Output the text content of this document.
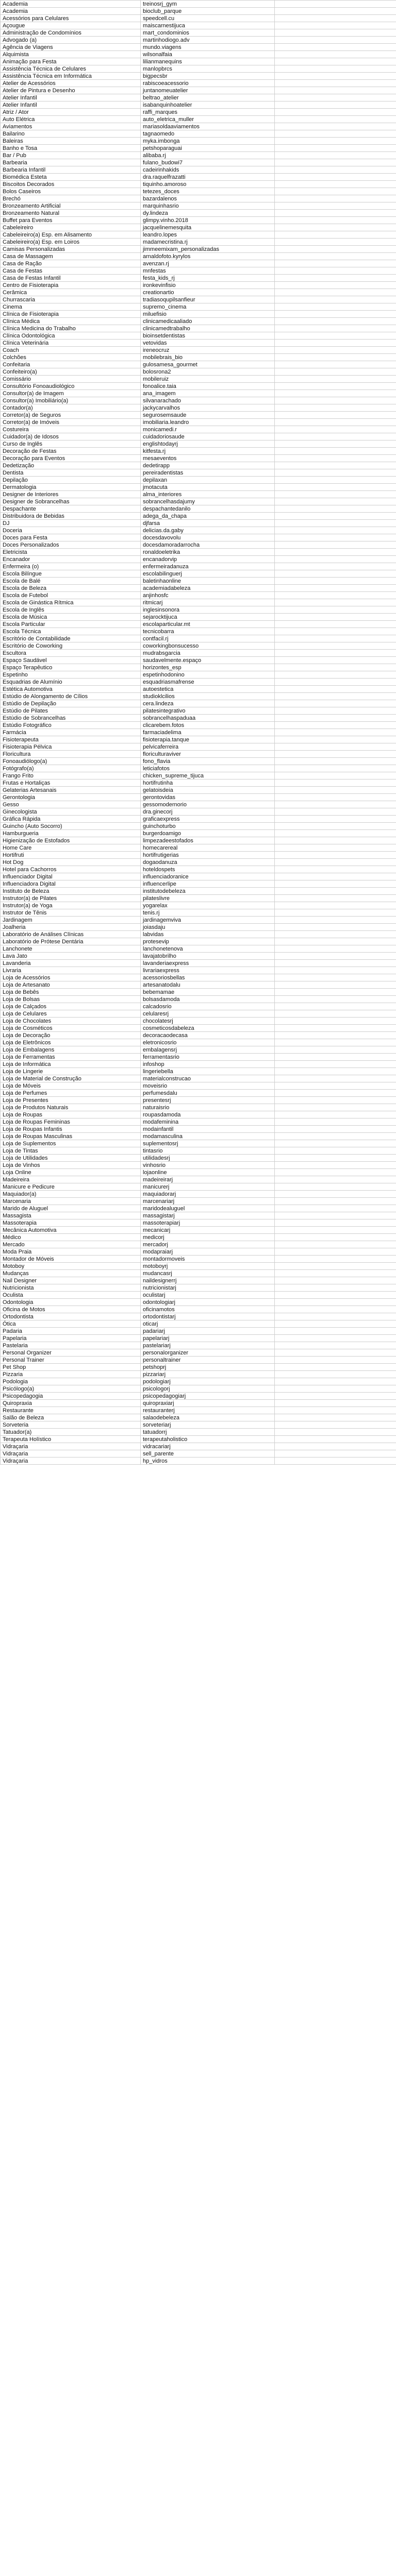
Academia	treinosrj_gym	
Academia	bioclub_parque	
Acessórios para Celulares	speedcell.cu	
Açougue	maiscarnestijuca	
Administração de Condomínios	mart_condominios	
Advogado (a)	martinhodiogo.adv	
Agência de Viagens	mundo.viagens	
Alquimista	wilsonalfaia	
Animação para Festa	lilianmanequins	
Assistência Técnica de Celulares	manlopbrcs	
Assistência Técnica em Informática	bigpecsbr	
Atelier de Acessórios	rabiscoeacessorio	
Atelier de Pintura e Desenho	juntanomeuatelier	
Atelier Infantil	beltrao_atelier	
Atelier Infantil	isabanquinhoatelier	
Atriz / Ator	raffi_marques	
Auto Elétrica	auto_eletrica_muller	
Aviamentos	mariasoldaaviamentos	
Bailarino	tagnaomedo	
Baleiras	myka.imbonga	
Banho e Tosa	petshoparaguai	
Bar / Pub	alibaba.rj	
Barbearia	fulano_budowi7	
Barbearia Infantil	cadeirinhakids	
Biomédica Esteta	dra.raquelfrazatti	
Biscoitos Decorados	tiquinho.amoroso	
Bolos Caseiros	tetezes_doces	
Brechó	bazardalenos	
Bronzeamento Artificial	marquinhasrio	
Bronzeamento Natural	dy.lindeza	
Buffet para Eventos	glimpy.vinho.2018	
Cabeleireiro	jacquelinemesquita	
Cabeleireiro(a) Esp. em Alisamento	leandro.lopes	
Cabeleireiro(a) Esp. em Loiros	madamecristina.rj	
Camisas Personalizadas	jimmeemixam_personalizadas	
Casa de Massagem	arnaldofoto.kyrylos	
Casa de Ração	avenzan.rj	
Casa de Festas	mnfestas	
Casa de Festas Infantil	festa_kids_rj	
Centro de Fisioterapia	ironkevinfisio	
Cerâmica	creationartio	
Churrascaria	tradiasoqupilsanfieur	
Cinema	supremo_cinema	
Clínica de Fisioterapia	miluefisio	
Clínica Médica	clinicamedicaaliado	
Clínica Medicina do Trabalho	clinicamedtrabalho	
Clínica Odontológica	bioinsetdentistas	
Clínica Veterinária	vetovidas	
Coach	ireneocruz	
Colchões	mobilebrais_bio	
Confeitaria	gulosamesa_gourmet	
Confeiteiro(a)	bolosrona2	
Comissário	mobileruiz	
Consultório Fonoaudiológico	fonoalice.taia	
Consultor(a) de Imagem	ana_imagem	
Consultor(a) Imobiliário(a)	silvanarachado	
Contador(a)	jackycarvalhos	
Corretor(a) de Seguros	segurosemsaude	
Corretor(a) de Imóveis	imobiliaria.leandro	
Costureira	monicamedi.r	
Cuidador(a) de Idosos	cuidadoriosaude	
Curso de Inglês	englishtodayrj	
Decoração de Festas	kitfesta.rj	
Decoração para Eventos	mesaeventos	
Dedetização	dedetirapp	
Dentista	pereiradentistas	
Depilação	depilaxan	
Dermatologia	jmotacuta	
Designer de Interiores	alma_interiores	
Designer de Sobrancelhas	sobrancelhasdajumy	
Despachante	despachantedanilo	
Distribuidora de Bebidas	adega_da_chapa	
DJ	djfarsa	
Doceria	delicias.da.gaby	
Doces para Festa	docesdavovolu	
Doces Personalizados	docesdamoradarrocha	
Eletricista	ronaldoeletrika	
Encanador	encanadorvip	
Enfermeira (o)	enfermeiradanuza	
Escola Bilíngue	escolabilinguerj	
Escola de Balé	baletinhaonline	
Escola de Beleza	academiadabeleza	
Escola de Futebol	anjinhosfc	
Escola de Ginástica Rítmica	ritmicarj	
Escola de Inglês	inglesinsonora	
Escola de Música	sejarocktijuca	
Escola Particular	escolaparticular.mt	
Escola Técnica	tecnicobarra	
Escritório de Contabilidade	contfacil.rj	
Escritório de Coworking	coworkingbonsucesso	
Escultora	mudrabsgarcia	
Espaço Saudável	saudavelmente.espaço	
Espaço Terapêutico	horizontes_esp	
Espetinho	espetinhodonino	
Esquadrias de Alumínio	esquadriasmafrense	
Estética Automotiva	autoestetica	
Estúdio de Alongamento de Cílios	studioklcilios	
Estúdio de Depilação	cera.lindeza	
Estúdio de Pilates	pilatesintegrativo	
Estúdio de Sobrancelhas	sobrancelhaspaduaa	
Estúdio Fotográfico	clicarebem.fotos	
Farmácia	farmaciadelima	
Fisioterapeuta	fisioterapia.tanque	
Fisioterapia Pélvica	pelvicaferreira	
Floricultura	floriculturaviver	
Fonoaudiólogo(a)	fono_flavia	
Fotógrafo(a)	leticiafotos	
Frango Frito	chicken_supreme_tijuca	
Frutas e Hortaliças	hortifrutinha	
Gelaterias Artesanais	gelatoisdeia	
Gerontologia	gerontovidas	
Gesso	gessomodernorio	
Ginecologista	dra.ginecorj	
Gráfica Rápida	graficaexpress	
Guincho (Auto Socorro)	guinchoturbo	
Hamburgueria	burgerdoamigo	
Higienização de Estofados	limpezadeestofados	
Home Care	homecarereal	
Hortifruti	hortifrutigerias	
Hot Dog	dogaodanuza	
Hotel para Cachorros	hoteldospets	
Influenciador Digital	influenciadoranice	
Influenciadora Digital	influencerlipe	
Instituto de Beleza	institutodebeleza	
Instrutor(a) de Pilates	pilateslivre	
Instrutor(a) de Yoga	yogarelax	
Instrutor de Tênis	tenis.rj	
Jardinagem	jardinagemviva	
Joalheria	joiasdaju	
Laboratório de Análises Clínicas	labvidas	
Laboratório de Prótese Dentária	protesevip	
Lanchonete	lanchonetenova	
Lava Jato	lavajatobrilho	
Lavanderia	lavanderiaexpress	
Livraria	livrariaexpress	
Loja de Acessórios	acessoriosbellas	
Loja de Artesanato	artesanatodalu	
Loja de Bebês	bebemamae	
Loja de Bolsas	bolsasdamoda	
Loja de Calçados	calcadosrio	
Loja de Celulares	celularesrj	
Loja de Chocolates	chocolatesrj	
Loja de Cosméticos	cosmeticosdabeleza	
Loja de Decoração	decoracaodecasa	
Loja de Eletrônicos	eletronicosrio	
Loja de Embalagens	embalagensrj	
Loja de Ferramentas	ferramentasrio	
Loja de Informática	infoshop	
Loja de Lingerie	lingeriebella	
Loja de Material de Construção	materialconstrucao	
Loja de Móveis	moveisrio	
Loja de Perfumes	perfumesdalu	
Loja de Presentes	presentesrj	
Loja de Produtos Naturais	naturaisrio	
Loja de Roupas	roupasdamoda	
Loja de Roupas Femininas	modafeminina	
Loja de Roupas Infantis	modainfantil	
Loja de Roupas Masculinas	modamasculina	
Loja de Suplementos	suplementosrj	
Loja de Tintas	tintasrio	
Loja de Utilidades	utilidadesrj	
Loja de Vinhos	vinhosrio	
Loja Online	lojaonline	
Madeireira	madeireirarj	
Manicure e Pedicure	manicurerj	
Maquiador(a)	maquiadorarj	
Marcenaria	marcenariarj	
Marido de Aluguel	maridodealuguel	
Massagista	massagistarj	
Massoterapia	massoterapiarj	
Mecânica Automotiva	mecanicarj	
Médico	medicorj	
Mercado	mercadorj	
Moda Praia	modapraiarj	
Montador de Móveis	montadormoveis	
Motoboy	motoboyrj	
Mudanças	mudancasrj	
Nail Designer	naildesignerrj	
Nutricionista	nutricionistarj	
Oculista	oculistarj	
Odontologia	odontologiarj	
Oficina de Motos	oficinamotos	
Ortodontista	ortodontistarj	
Ótica	oticarj	
Padaria	padariarj	
Papelaria	papelariarj	
Pastelaria	pastelariarj	
Personal Organizer	personalorganizer	
Personal Trainer	personaltrainer	
Pet Shop	petshoprj	
Pizzaria	pizzariarj	
Podologia	podologiarj	
Psicólogo(a)	psicologorj	
Psicopedagogia	psicopedagogiarj	
Quiropraxia	quiropraxiarj	
Restaurante	restauranterj	
Salão de Beleza	salaodebeleza	
Sorveteria	sorveteriarj	
Tatuador(a)	tatuadorrj	
Terapeuta Holístico	terapeutaholistico	
Vidraçaria	vidracariarj	
Vidraçaria	sell_parente	
Vidraçaria	hp_vidros	
